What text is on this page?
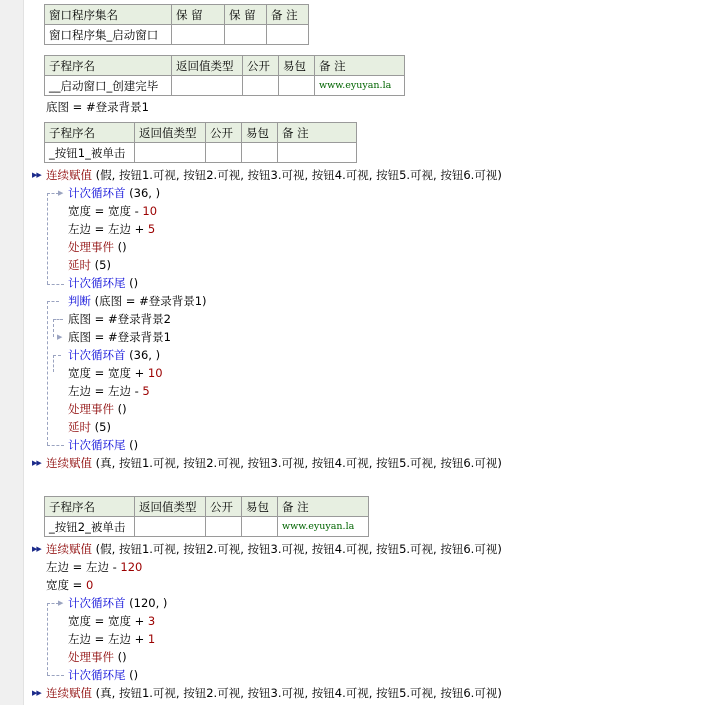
窗口程序集名	保 留	保 留	备 注
窗口程序集_启动窗口			
子程序名	返回值类型	公开	易包	备 注
__启动窗口_创建完毕				www.eyuyan.la
底图 = #登录背景1
子程序名	返回值类型	公开	易包	备 注
_按钮1_被单击				
▶
▶
▶▶
▶▶
连续赋值 (假, 按钮1.可视, 按钮2.可视, 按钮3.可视, 按钮4.可视, 按钮5.可视, 按钮6.可视)
计次循环首 (36, )
宽度 = 宽度 - 10
左边 = 左边 + 5
处理事件 ()
延时 (5)
计次循环尾 ()
判断 (底图 = #登录背景1)
底图 = #登录背景2
底图 = #登录背景1
计次循环首 (36, )
宽度 = 宽度 + 10
左边 = 左边 - 5
处理事件 ()
延时 (5)
计次循环尾 ()
连续赋值 (真, 按钮1.可视, 按钮2.可视, 按钮3.可视, 按钮4.可视, 按钮5.可视, 按钮6.可视)
子程序名	返回值类型	公开	易包	备 注
_按钮2_被单击				www.eyuyan.la
▶
▶▶
▶▶
连续赋值 (假, 按钮1.可视, 按钮2.可视, 按钮3.可视, 按钮4.可视, 按钮5.可视, 按钮6.可视)
左边 = 左边 - 120
宽度 = 0
计次循环首 (120, )
宽度 = 宽度 + 3
左边 = 左边 + 1
处理事件 ()
计次循环尾 ()
连续赋值 (真, 按钮1.可视, 按钮2.可视, 按钮3.可视, 按钮4.可视, 按钮5.可视, 按钮6.可视)
